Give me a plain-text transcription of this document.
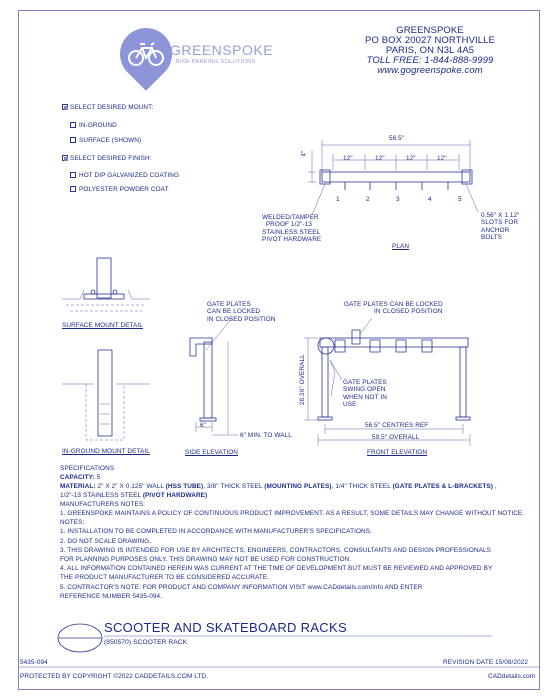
GREENSPOKE
BIKE PARKING SOLUTIONS
GREENSPOKE
PO BOX 20027 NORTHVILLE
PARIS, ON N3L 4A5
TOLL FREE: 1-844-888-9999
www.gogreenspoke.com
SELECT DESIRED MOUNT:
IN-GROUND
SURFACE (SHOWN)
SELECT DESIRED FINISH:
HOT DIP GALVANIZED COATING
POLYESTER POWDER COAT
56.5"
12"	12"	12"	12"
4"
1	2	3	4	5
WELDED/TAMPER
PROOF 1/2"-13
STAINLESS STEEL
PIVOT HARDWARE
0.56" X 1.12"
SLOTS FOR
ANCHOR
BOLTS
PLAN
SURFACE MOUNT DETAIL
IN-GROUND MOUNT DETAIL
GATE PLATES
CAN BE LOCKED
IN CLOSED POSITION
6"
6" MIN. TO WALL
SIDE ELEVATION
GATE PLATES CAN BE LOCKED
IN CLOSED POSITION
GATE PLATES
SWING OPEN
WHEN NOT IN
USE
28.36" OVERALL
56.5" CENTRES REF
59.5" OVERALL
FRONT ELEVATION
SPECIFICATIONS
CAPACITY: 5
MATERIAL: 2" X 2" X 0.125" WALL (HSS TUBE), 3/8" THICK STEEL (MOUNTING PLATES), 1/4" THICK STEEL (GATE PLATES & L-BRACKETS) ,
1/2"-13 STAINLESS STEEL (PIVOT HARDWARE)
MANUFACTURERS NOTES:
1. GREENSPOKE MAINTAINS A POLICY OF CONTINUOUS PRODUCT IMPROVEMENT. AS A RESULT, SOME DETAILS MAY CHANGE WITHOUT NOTICE.
NOTES:
1. INSTALLATION TO BE COMPLETED IN ACCORDANCE WITH MANUFACTURER'S SPECIFICATIONS.
2. DO NOT SCALE DRAWING.
3. THIS DRAWING IS INTENDED FOR USE BY ARCHITECTS, ENGINEERS, CONTRACTORS, CONSULTANTS AND DESIGN PROFESSIONALS
FOR PLANNING PURPOSES ONLY. THIS DRAWING MAY NOT BE USED FOR CONSTRUCTION.
4. ALL INFORMATION CONTAINED HEREIN WAS CURRENT AT THE TIME OF DEVELOPMENT BUT MUST BE REVIEWED AND APPROVED BY
THE PRODUCT MANUFACTURER TO BE CONSIDERED ACCURATE.
5. CONTRACTOR'S NOTE: FOR PRODUCT AND COMPANY INFORMATION VISIT www.CADdetails.com/info AND ENTER
REFERENCE NUMBER 5435-094.
SCOOTER AND SKATEBOARD RACKS
(850570) SCOOTER RACK
5435-094	REVISION DATE 15/08/2022
PROTECTED BY COPYRIGHT ©2022 CADDETAILS.COM LTD.	CADdetails.com
